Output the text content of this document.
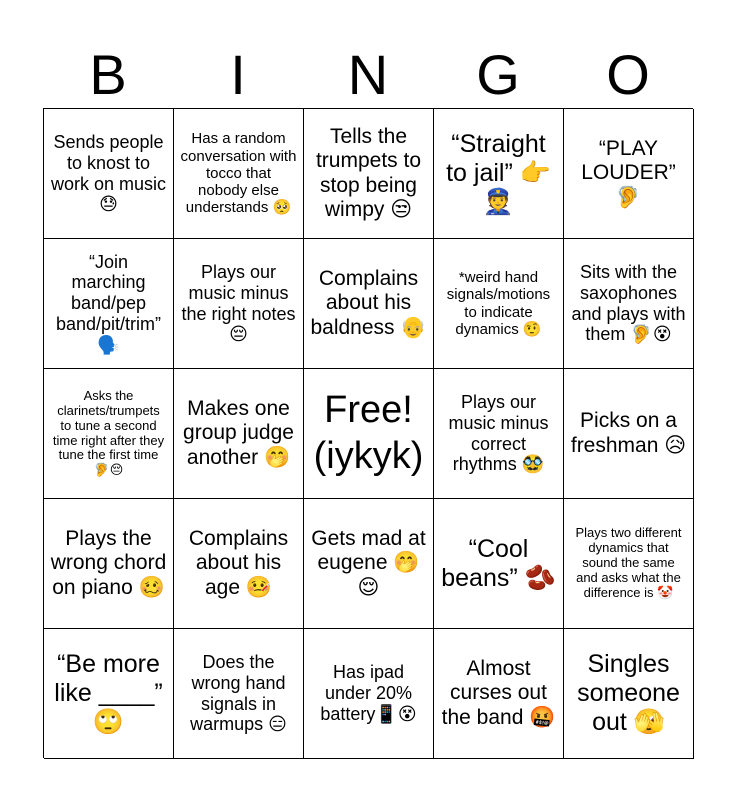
B	I	N	G	O
Sends people to knost to work on music 😓
Has a random conversation with tocco that nobody else understands 🥺
Tells the trumpets to stop being wimpy 😒
“Straight to jail” 👉👮
“PLAY LOUDER” 🦻
“Join marching band/pep band/pit/trim” 🗣️
Plays our music minus the right notes 😔
Complains about his baldness 👴
*weird hand signals/motions to indicate dynamics 🤨
Sits with the saxophones and plays with them 🦻😵
Asks the clarinets/trumpets to tune a second time right after they tune the first time 🦻😔
Makes one group judge another 🤭
Free! (iykyk)
Plays our music minus correct rhythms 🥸
Picks on a freshman 😥
Plays the wrong chord on piano 🥴
Complains about his age 🤒
Gets mad at eugene 🤭😌
“Cool beans” 🫘
Plays two different dynamics that sound the same and asks what the difference is 🤡
“Be more like ____” 🙄
Does the wrong hand signals in warmups 😑
Has ipad under 20% battery📱😵
Almost curses out the band 🤬
Singles someone out 🫣
